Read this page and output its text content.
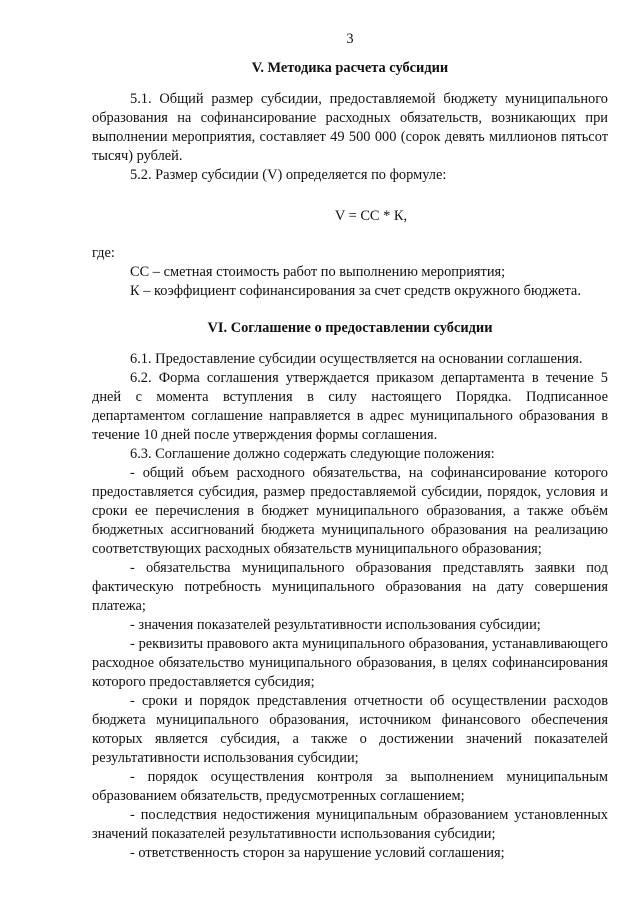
3
V. Методика расчета субсидии

5.1. Общий размер субсидии, предоставляемой бюджету муниципального образования на софинансирование расходных обязательств, возникающих при выполнении мероприятия, составляет 49 500 000 (сорок девять миллионов пятьсот тысяч) рублей.

5.2. Размер субсидии (V) определяется по формуле:

V = CC * К,

где:

CC – сметная стоимость работ по выполнению мероприятия;

К – коэффициент софинансирования за счет средств окружного бюджета.

VI. Соглашение о предоставлении субсидии

6.1. Предоставление субсидии осуществляется на основании соглашения.

6.2. Форма соглашения утверждается приказом департамента в течение 5 дней с момента вступления в силу настоящего Порядка. Подписанное департаментом соглашение направляется в адрес муниципального образования в течение 10 дней после утверждения формы соглашения.

6.3. Соглашение должно содержать следующие положения:

- общий объем расходного обязательства, на софинансирование которого предоставляется субсидия, размер предоставляемой субсидии, порядок, условия и сроки ее перечисления в бюджет муниципального образования, а также объём бюджетных ассигнований бюджета муниципального образования на реализацию соответствующих расходных обязательств муниципального образования;

- обязательства муниципального образования представлять заявки под фактическую потребность муниципального образования на дату совершения платежа;

- значения показателей результативности использования субсидии;

- реквизиты правового акта муниципального образования, устанавливающего расходное обязательство муниципального образования, в целях софинансирования которого предоставляется субсидия;

- сроки и порядок представления отчетности об осуществлении расходов бюджета муниципального образования, источником финансового обеспечения которых является субсидия, а также о достижении значений показателей результативности использования субсидии;

- порядок осуществления контроля за выполнением муниципальным образованием обязательств, предусмотренных соглашением;

- последствия недостижения муниципальным образованием установленных значений показателей результативности использования субсидии;

- ответственность сторон за нарушение условий соглашения;
